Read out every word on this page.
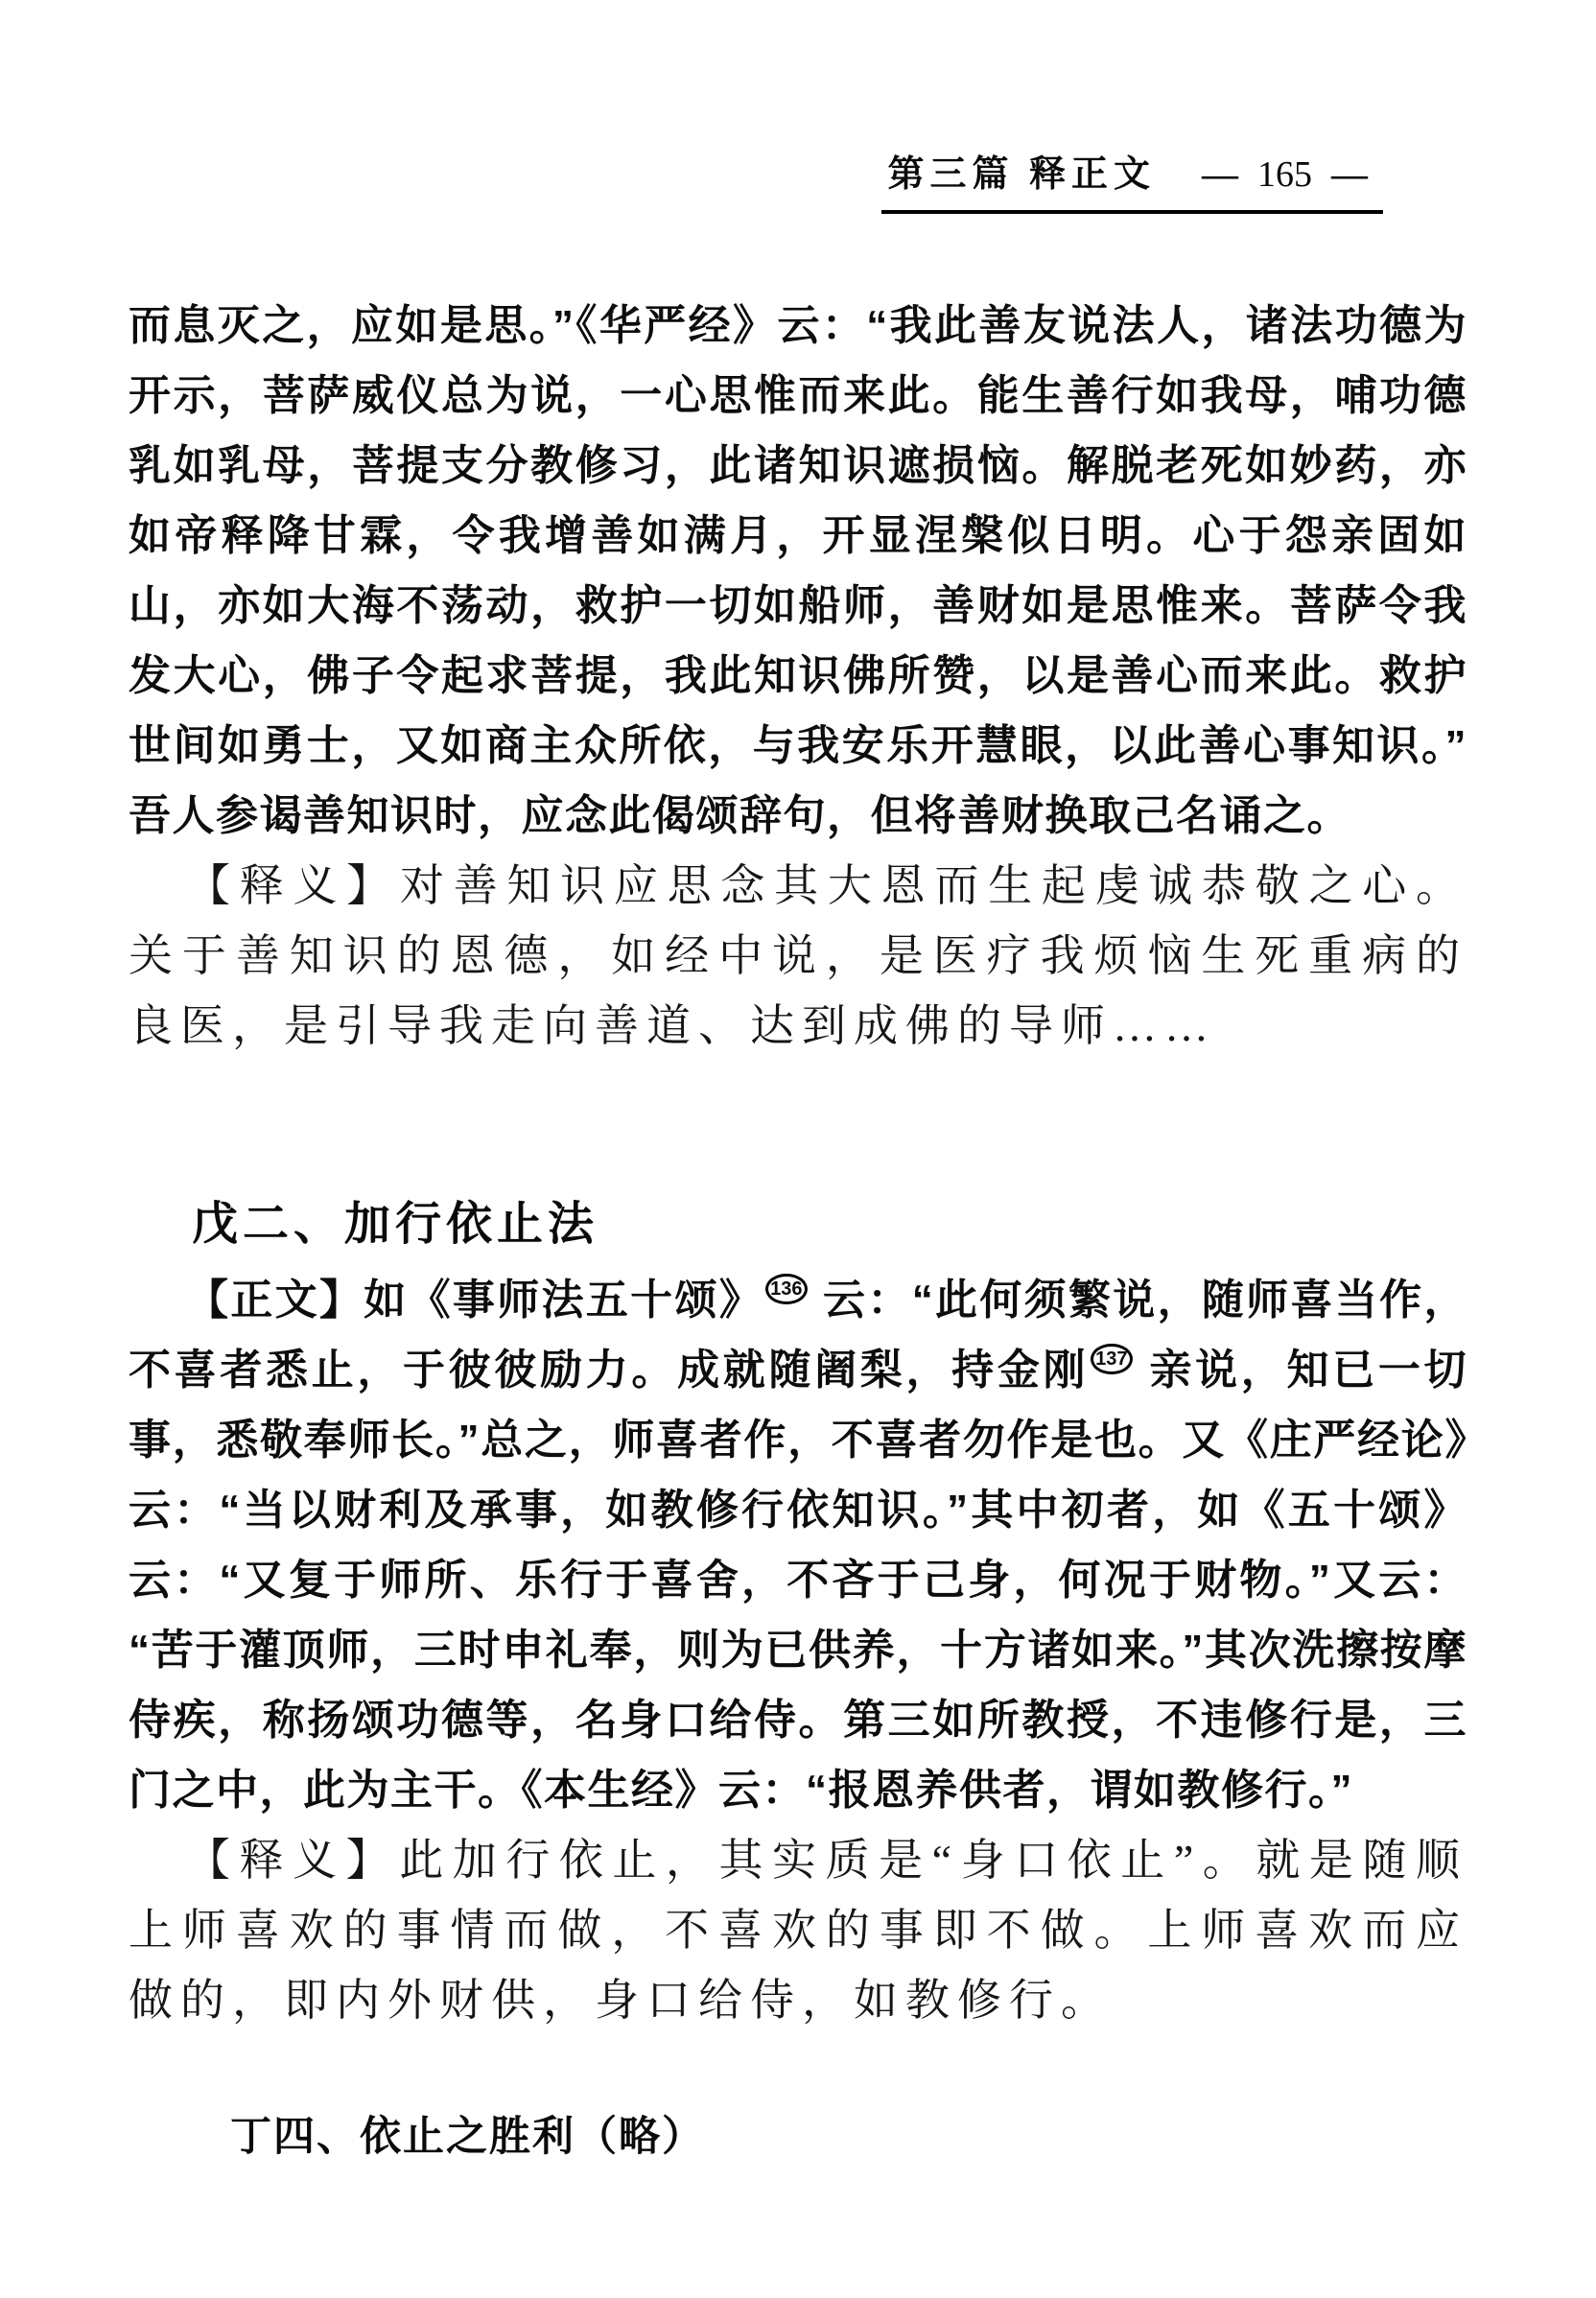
第三篇 释正文 — 165 —

而息灭之，应如是思。”《华严经》云：“我此善友说法人，诸法功德为开示，菩萨威仪总为说，一心思惟而来此。能生善行如我母，哺功德乳如乳母，菩提支分教修习，此诸知识遮损恼。解脱老死如妙药，亦如帝释降甘霖，令我增善如满月，开显涅槃似日明。心于怨亲固如山，亦如大海不荡动，救护一切如船师，善财如是思惟来。菩萨令我发大心，佛子令起求菩提，我此知识佛所赞，以是善心而来此。救护世间如勇士，又如商主众所依，与我安乐开慧眼，以此善心事知识。”吾人参谒善知识时，应念此偈颂辞句，但将善财换取己名诵之。

【释义】对善知识应思念其大恩而生起虔诚恭敬之心。关于善知识的恩德，如经中说，是医疗我烦恼生死重病的良医，是引导我走向善道、达到成佛的导师……

戊二、加行依止法

【正文】如《事师法五十颂》 136 云：“此何须繁说，随师喜当作，不喜者悉止，于彼彼励力。成就随阇梨，持金刚 137 亲说，知已一切事，悉敬奉师长。”总之，师喜者作，不喜者勿作是也。又《庄严经论》云：“当以财利及承事，如教修行依知识。”其中初者，如《五十颂》云：“又复于师所、乐行于喜舍，不吝于己身，何况于财物。”又云：“苦于灌顶师，三时申礼奉，则为已供养，十方诸如来。”其次洗擦按摩侍疾，称扬颂功德等，名身口给侍。第三如所教授，不违修行是，三门之中，此为主干。《本生经》云：“报恩养供者，谓如教修行。”

【释义】此加行依止，其实质是“身口依止”。就是随顺上师喜欢的事情而做，不喜欢的事即不做。上师喜欢而应做的，即内外财供，身口给侍，如教修行。

丁四、依止之胜利（略）
